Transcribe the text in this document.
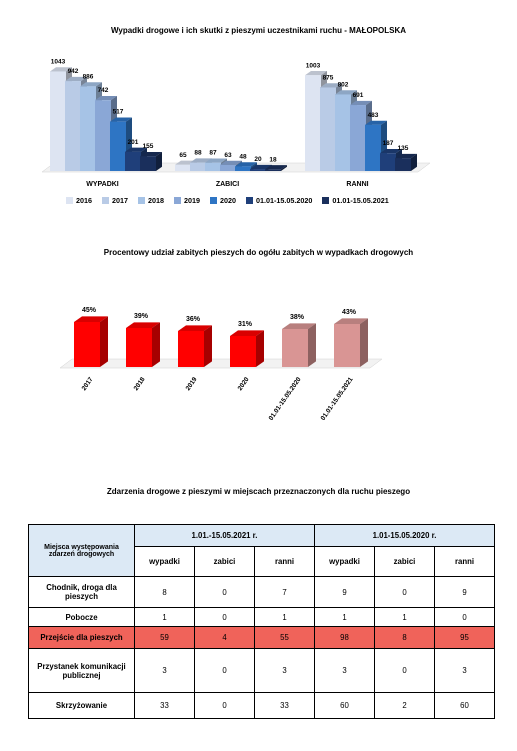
Wypadki drogowe i ich skutki z pieszymi uczestnikami ruchu - MAŁOPOLSKA
1043
942
886
742
517
201
155
WYPADKI
65 88 87 63 48 20 18
ZABICI
1003
875
802
691
483
187
135
RANNI
2016	2017	2018	2019	2020	01.01-15.05.2020	01.01-15.05.2021
Procentowy udział zabitych pieszych do ogółu zabitych w wypadkach drogowych
45%
2017
39%
2018
36%
2019
31%
2020
38%
01.01-15.05.2020
43%
01.01-15.05.2021
Zdarzenia drogowe z pieszymi w miejscach przeznaczonych dla ruchu pieszego
Miejsca występowania zdarzeń drogowych	1.01.-15.05.2021 r.			1.01-15.05.2020 r.		
	wypadki	zabici	ranni	wypadki	zabici	ranni
Chodnik, droga dla pieszych	8	0	7	9	0	9
Pobocze	1	0	1	1	1	0
Przejście dla pieszych	59	4	55	98	8	95
Przystanek komunikacji publicznej	3	0	3	3	0	3
Skrzyżowanie	33	0	33	60	2	60
